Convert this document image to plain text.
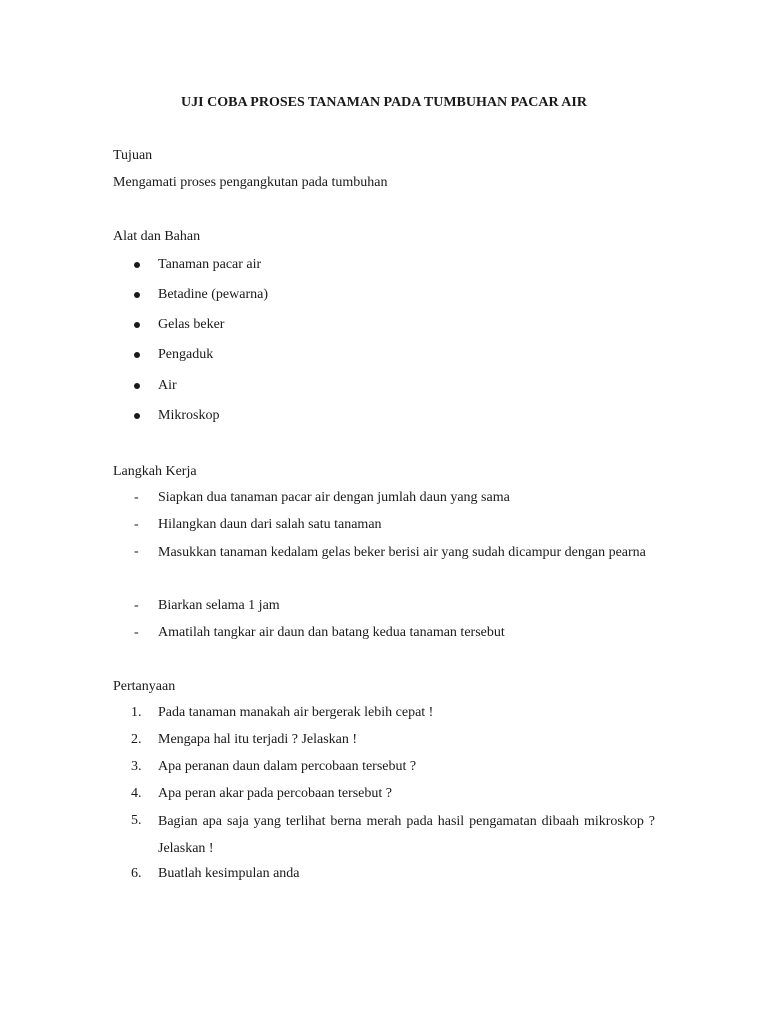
UJI COBA PROSES TANAMAN PADA TUMBUHAN PACAR AIR
Tujuan
Mengamati proses pengangkutan pada tumbuhan
Alat dan Bahan
Tanaman pacar air
Betadine (pewarna)
Gelas beker
Pengaduk
Air
Mikroskop
Langkah Kerja
- Siapkan dua tanaman pacar air dengan jumlah daun yang sama
- Hilangkan daun dari salah satu tanaman
- Masukkan tanaman kedalam gelas beker berisi air yang sudah dicampur dengan pearna
- Biarkan selama 1 jam
- Amatilah tangkar air daun dan batang kedua tanaman tersebut
Pertanyaan
1. Pada tanaman manakah air bergerak lebih cepat !
2. Mengapa hal itu terjadi ? Jelaskan !
3. Apa peranan daun dalam percobaan tersebut ?
4. Apa peran akar pada percobaan tersebut ?
5. Bagian apa saja yang terlihat berna merah pada hasil pengamatan dibaah mikroskop ? Jelaskan !
6. Buatlah kesimpulan anda
